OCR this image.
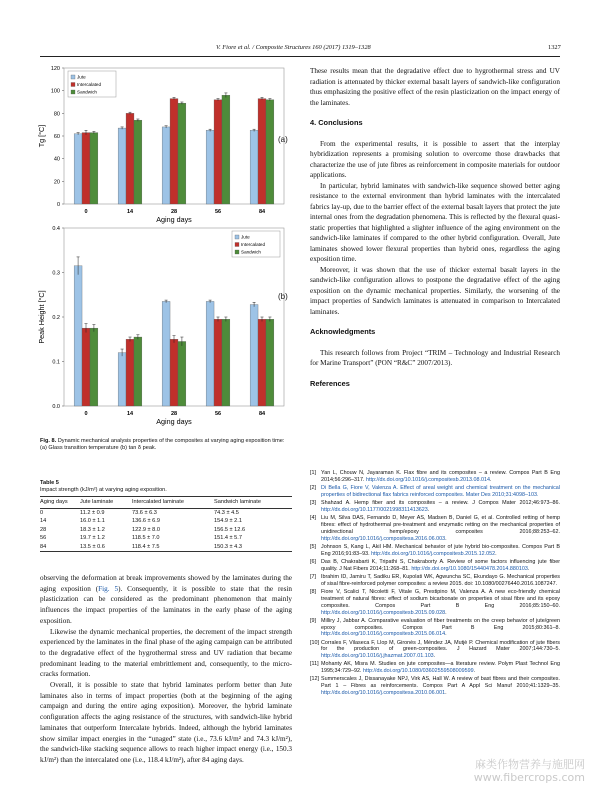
V. Fiore et al. / Composite Structures 160 (2017) 1319–1328	1327
0
20
40
60
80
100
120
0	14	28	56	84
Aging days
Tg [°C]
Jute
Intercalated
Sandwich
(a)
0.0
0.1
0.2
0.3
0.4
0	14	28	56	84
Aging days
Peak Height [°C]
Jute
Intercalated
Sandwich
(b)
Fig. 8. Dynamic mechanical analysis properties of the composites at varying aging exposition time: (a) Glass transition temperature (b) tan δ peak.
Table 5
Impact strength (kJ/m²) at varying aging exposition.
Aging days	Jute laminate	Intercalated laminate	Sandwich laminate
0	11.2 ± 0.9	73.6 ± 6.3	74.3 ± 4.5
14	16.0 ± 1.1	136.6 ± 6.9	154.9 ± 2.1
28	18.3 ± 1.2	122.9 ± 8.0	156.5 ± 12.6
56	19.7 ± 1.2	118.5 ± 7.0	151.4 ± 5.7
84	13.5 ± 0.6	118.4 ± 7.5	150.3 ± 4.3

observing the deformation at break improvements showed by the laminates during the aging exposition (Fig. 5). Consequently, it is possible to state that the resin plasticization can be considered as the predominant phenomenon that mainly influences the impact properties of the laminates in the early phase of the aging exposition.

Likewise the dynamic mechanical properties, the decrement of the impact strength experienced by the laminates in the final phase of the aging campaign can be attributed to the degradative effect of the hygrothermal stress and UV radiation that became predominant leading to the material embrittlement and, consequently, to the micro-cracks formation.

Overall, it is possible to state that hybrid laminates perform better than Jute laminates also in terms of impact properties (both at the beginning of the aging campaign and during the entire aging exposition). Moreover, the hybrid laminate configuration affects the aging resistance of the structures, with sandwich-like hybrid laminates that outperform Intercalate hybrids. Indeed, although the hybrid laminates show similar impact energies in the “unaged” state (i.e., 73.6 kJ/m² and 74.3 kJ/m²), the sandwich-like stacking sequence allows to reach higher impact energy (i.e., 150.3 kJ/m²) than the intercalated one (i.e., 118.4 kJ/m²), after 84 aging days.

These results mean that the degradative effect due to hygrothermal stress and UV radiation is attenuated by thicker external basalt layers of sandwich-like configuration thus emphasizing the positive effect of the resin plasticization on the impact energy of the laminates.

4. Conclusions

From the experimental results, it is possible to assert that the interplay hybridization represents a promising solution to overcome those drawbacks that characterize the use of jute fibres as reinforcement in composite materials for outdoor applications.

In particular, hybrid laminates with sandwich-like sequence showed better aging resistance to the external environment than hybrid laminates with the intercalated fabrics lay-up, due to the barrier effect of the external basalt layers that protect the jute internal ones from the degradation phenomena. This is reflected by the flexural quasi-static properties that highlighted a slighter influence of the aging environment on the sandwich-like laminates if compared to the other hybrid configuration. Overall, Jute laminates showed lower flexural properties than hybrid ones, regardless the aging exposition time.

Moreover, it was shown that the use of thicker external basalt layers in the sandwich-like configuration allows to postpone the degradative effect of the aging exposition on the dynamic mechanical properties. Similarly, the worsening of the impact properties of Sandwich laminates is attenuated in comparison to Intercalated laminates.

Acknowledgments

This research follows from Project “TRIM – Technology and Industrial Research for Marine Transport” (PON “R&C” 2007/2013).

References

[1] Yan L, Chouw N, Jayaraman K. Flax fibre and its composites – a review. Compos Part B Eng 2014;56:296–317. http://dx.doi.org/10.1016/j.compositesb.2013.08.014.
[2] Di Bella G, Fiore V, Valenza A. Effect of areal weight and chemical treatment on the mechanical properties of bidirectional flax fabrics reinforced composites. Mater Des 2010;31:4098–103.
[3] Shahzad A. Hemp fiber and its composites – a review. J Compos Mater 2012;46:973–86. http://dx.doi.org/10.1177/0021998311413623.
[4] Liu M, Silva DAS, Fernando D, Meyer AS, Madsen B, Daniel G, et al. Controlled retting of hemp fibres: effect of hydrothermal pre-treatment and enzymatic retting on the mechanical properties of unidirectional hemp/epoxy composites 2016;88:253–62. http://dx.doi.org/10.1016/j.compositesa.2016.06.003.
[5] Johnson S, Kang L, Akil HM. Mechanical behavior of jute hybrid bio-composites. Compos Part B Eng 2016;91:83–93. http://dx.doi.org/10.1016/j.compositesb.2015.12.052.
[6] Das B, Chakrabarti K, Tripathi S, Chakraborty A. Review of some factors influencing jute fiber quality. J Nat Fibers 2014;11:268–81. http://dx.doi.org/10.1080/15440478.2014.880103.
[7] Ibrahim ID, Jamiru T, Sadiku ER, Kupolati WK, Agwuncha SC, Ekundayo G. Mechanical properties of sisal fibre-reinforced polymer composites: a review 2015. doi: 10.1080/00276440.2016.1087247.
[8] Fiore V, Scalici T, Nicoletti F, Vitale G, Prestipino M, Valenza A. A new eco-friendly chemical treatment of natural fibres: effect of sodium bicarbonate on properties of sisal fibre and its epoxy composites. Compos Part B Eng 2016;85:150–60. http://dx.doi.org/10.1016/j.compositesb.2015.09.028.
[9] Milliry J, Jabbar A. Comparative evaluation of fiber treatments on the creep behavior of jute/green epoxy composites. Compos Part B Eng 2015;80:361–8. http://dx.doi.org/10.1016/j.compositesb.2015.06.014.
[10] Corrales F, Vilaseca F, Llop M, Gironès J, Méndez JA, Mutjè P. Chemical modification of jute fibers for the production of green-composites. J Hazard Mater 2007;144:730–5. http://dx.doi.org/10.1016/j.jhazmat.2007.01.103.
[11] Mohanty AK, Misra M. Studies on jute composites—a literature review. Polym Plast Technol Eng 1995;34:729–92. http://dx.doi.org/10.1080/03602559508009599.
[12] Summerscales J, Dissanayake NPJ, Virk AS, Hall W. A review of bast fibres and their composites. Part 1 – Fibres as reinforcements. Compos Part A Appl Sci Manuf 2010;41:1329–35. http://dx.doi.org/10.1016/j.compositesa.2010.06.001.
麻类作物营养与施肥网
www.fibercrops.com
